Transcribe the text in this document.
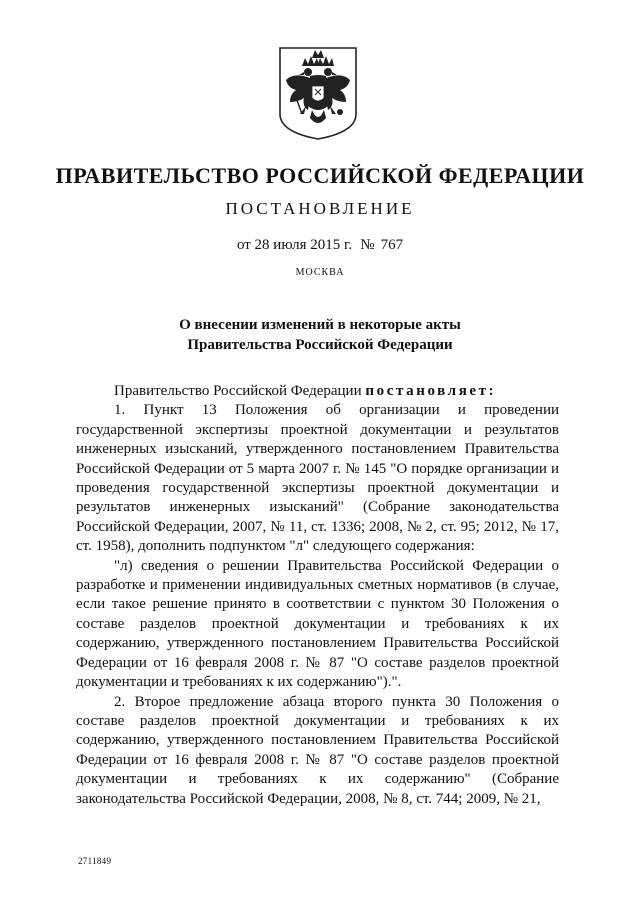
ПРАВИТЕЛЬСТВО РОССИЙСКОЙ ФЕДЕРАЦИИ
ПОСТАНОВЛЕНИЕ
от 28 июля 2015 г. № 767
МОСКВА
О внесении изменений в некоторые акты
Правительства Российской Федерации

Правительство Российской Федерации постановляет:

1. Пункт 13 Положения об организации и проведении государственной экспертизы проектной документации и результатов инженерных изысканий, утвержденного постановлением Правительства Российской Федерации от 5 марта 2007 г. № 145 "О порядке организации и проведения государственной экспертизы проектной документации и результатов инженерных изысканий" (Собрание законодательства Российской Федерации, 2007, № 11, ст. 1336; 2008, № 2, ст. 95; 2012, № 17, ст. 1958), дополнить подпунктом "л" следующего содержания:

"л) сведения о решении Правительства Российской Федерации о разработке и применении индивидуальных сметных нормативов (в случае, если такое решение принято в соответствии с пунктом 30 Положения о составе разделов проектной документации и требованиях к их содержанию, утвержденного постановлением Правительства Российской Федерации от 16 февраля 2008 г. № 87 "О составе разделов проектной документации и требованиях к их содержанию").".

2. Второе предложение абзаца второго пункта 30 Положения о составе разделов проектной документации и требованиях к их содержанию, утвержденного постановлением Правительства Российской Федерации от 16 февраля 2008 г. № 87 "О составе разделов проектной документации и требованиях к их содержанию" (Собрание законодательства Российской Федерации, 2008, № 8, ст. 744; 2009, № 21,

2711849
